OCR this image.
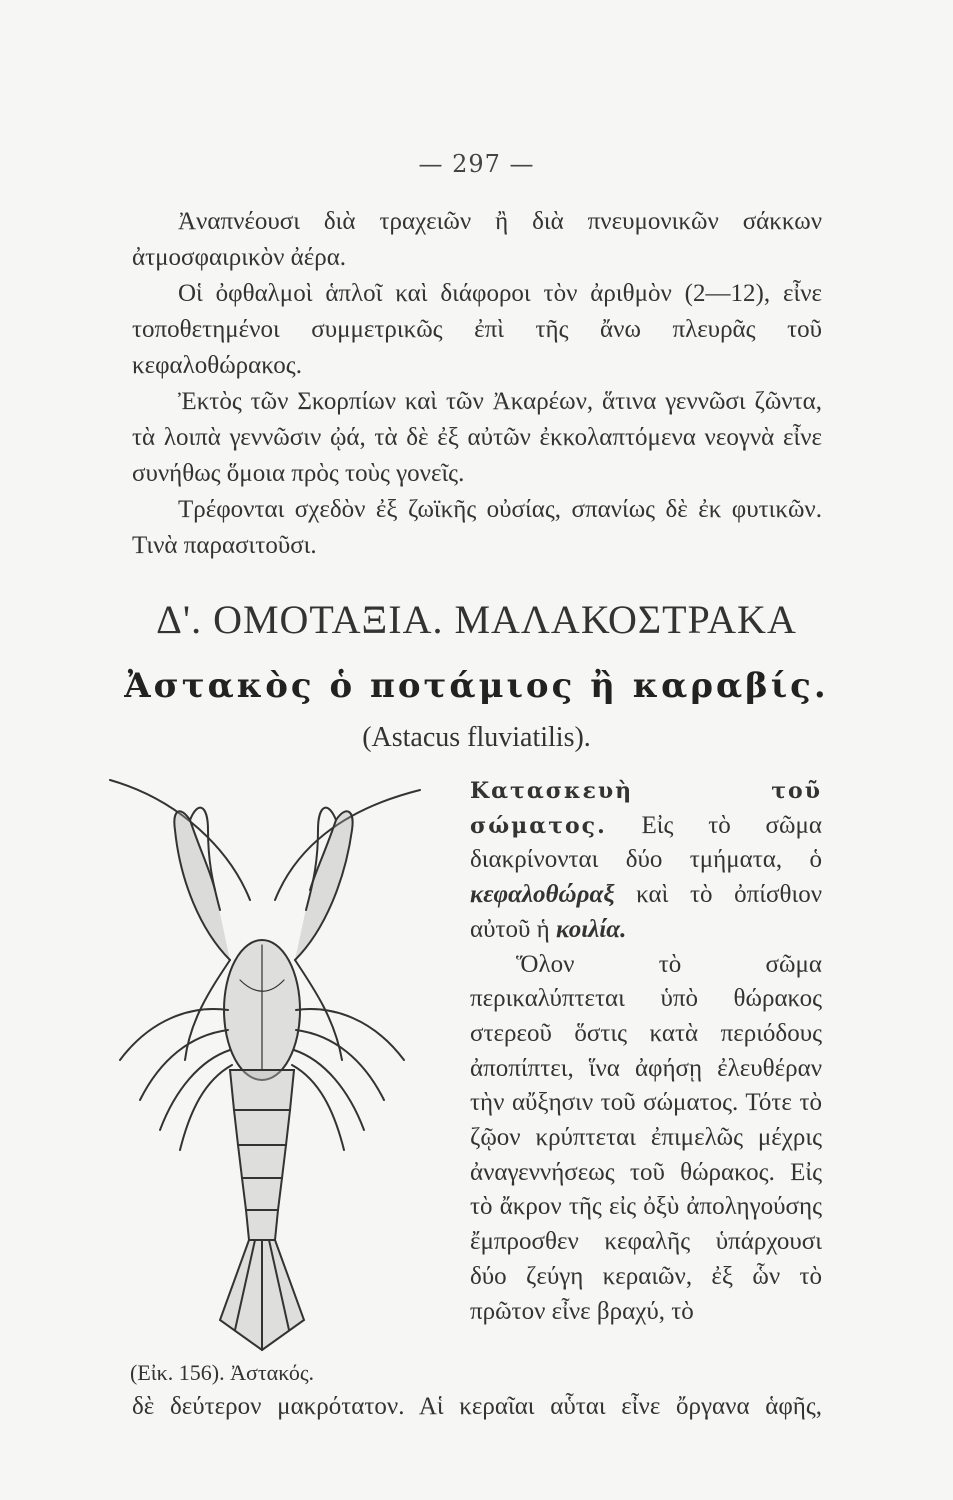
— 297 —

Ἀναπνέουσι διὰ τραχειῶν ἢ διὰ πνευμονικῶν σάκκων ἀτμοσφαιρικὸν ἀέρα.

Οἱ ὀφθαλμοὶ ἁπλοῖ καὶ διάφοροι τὸν ἀριθμὸν (2—12), εἶνε τοποθετημένοι συμμετρικῶς ἐπὶ τῆς ἄνω πλευρᾶς τοῦ κεφαλοθώρακος.

Ἐκτὸς τῶν Σκορπίων καὶ τῶν Ἀκαρέων, ἅτινα γεννῶσι ζῶντα, τὰ λοιπὰ γεννῶσιν ᾠά, τὰ δὲ ἐξ αὐτῶν ἐκκολαπτόμενα νεογνὰ εἶνε συνήθως ὅμοια πρὸς τοὺς γονεῖς.

Τρέφονται σχεδὸν ἐξ ζωϊκῆς οὐσίας, σπανίως δὲ ἐκ φυτικῶν. Τινὰ παρασιτοῦσι.

Δ'. ΟΜΟΤΑΞΙΑ. ΜΑΛΑΚΟΣΤΡΑΚΑ
Ἀστακὸς ὁ ποτάμιος ἢ καραβίς.
(Astacus fluviatilis).

Κατασκευὴ τοῦ σώματος. Εἰς τὸ σῶμα διακρίνονται δύο τμήματα, ὁ κεφαλοθώραξ καὶ τὸ ὀπίσθιον αὐτοῦ ἡ κοιλία.

Ὅλον τὸ σῶμα περικαλύπτεται ὑπὸ θώρακος στερεοῦ ὅστις κατὰ περιόδους ἀποπίπτει, ἵνα ἀφήσῃ ἐλευθέραν τὴν αὔξησιν τοῦ σώματος. Τότε τὸ ζῷον κρύπτεται ἐπιμελῶς μέχρις ἀναγεννήσεως τοῦ θώρακος. Εἰς τὸ ἄκρον τῆς εἰς ὀξὺ ἀποληγούσης ἔμπροσθεν κεφαλῆς ὑπάρχουσι δύο ζεύγη κεραιῶν, ἐξ ὧν τὸ πρῶτον εἶνε βραχύ, τὸ

(Εἰκ. 156). Ἀστακός.
δὲ δεύτερον μακρότατον. Αἱ κεραῖαι αὗται εἶνε ὄργανα ἁφῆς,
